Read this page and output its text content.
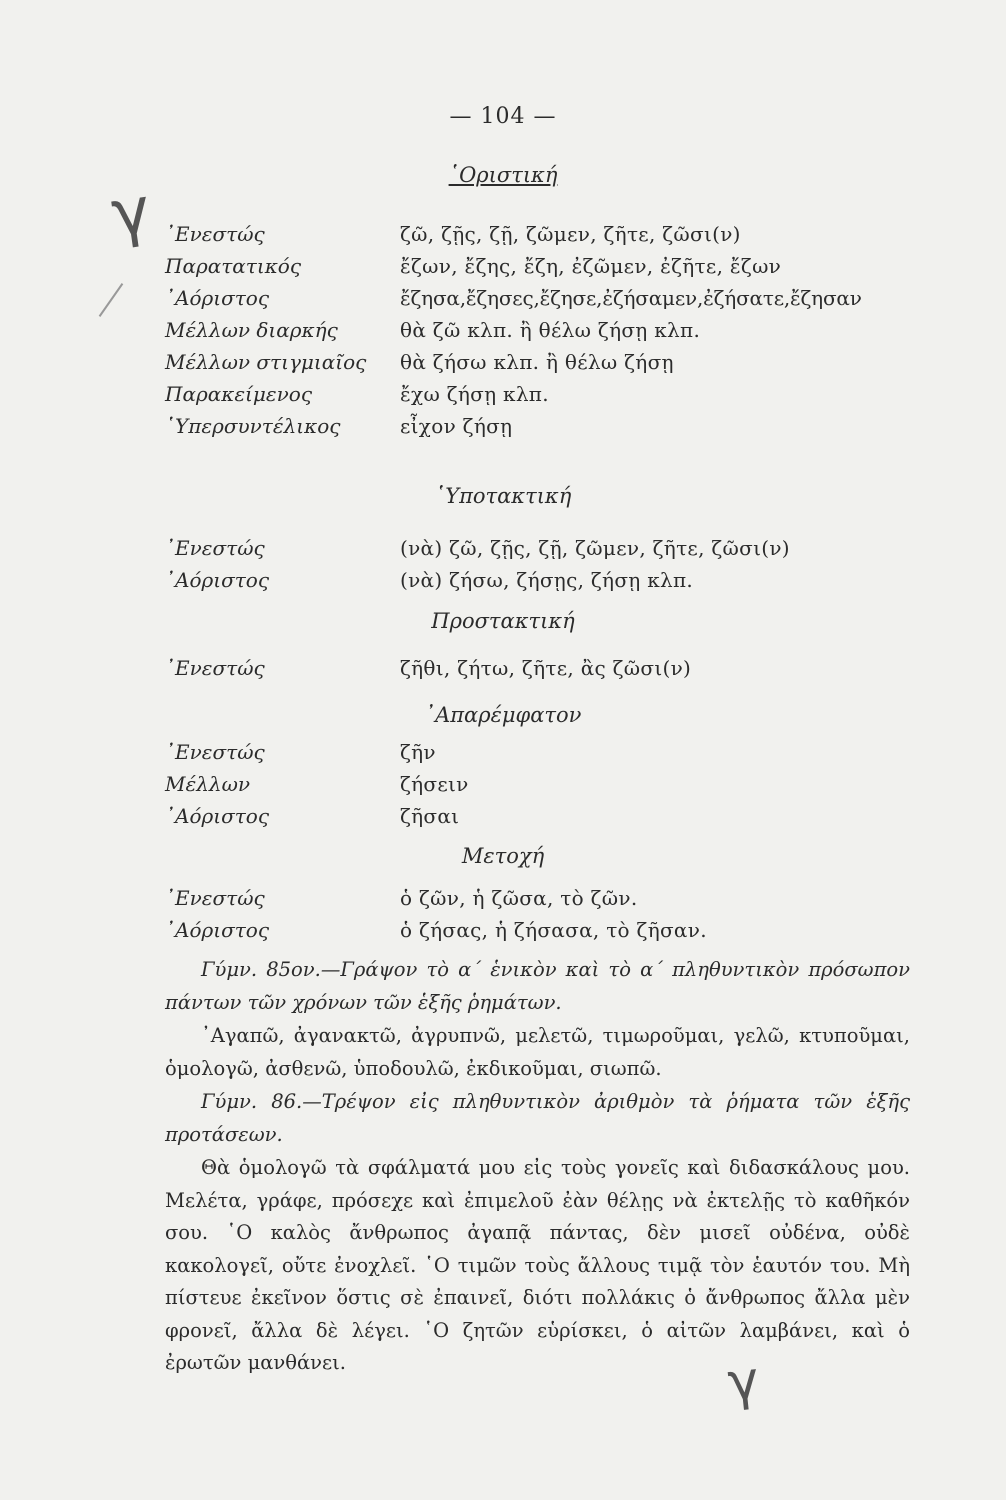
— 104 —
γ	῾Οριστική
᾿Ενεστώς	ζῶ, ζῇς, ζῇ, ζῶμεν, ζῆτε, ζῶσι(ν)
Παρατατικός	ἔζων, ἔζης, ἔζη, ἐζῶμεν, ἐζῆτε, ἔζων
᾿Αόριστος	ἔζησα,ἔζησες,ἔζησε,ἐζήσαμεν,ἐζήσατε,ἔζησαν
Μέλλων διαρκής	θὰ ζῶ κλπ. ἢ θέλω ζήσῃ κλπ.
Μέλλων στιγμιαῖος	θὰ ζήσω κλπ. ἢ θέλω ζήσῃ
Παρακείμενος	ἔχω ζήσῃ κλπ.
῾Υπερσυντέλικος	εἶχον ζήσῃ
῾Υποτακτική
᾿Ενεστώς	(νὰ) ζῶ, ζῇς, ζῇ, ζῶμεν, ζῆτε, ζῶσι(ν)
᾿Αόριστος	(νὰ) ζήσω, ζήσῃς, ζήσῃ κλπ.
Προστακτική
᾿Ενεστώς	ζῆθι, ζήτω, ζῆτε, ἂς ζῶσι(ν)
᾿Απαρέμφατον
᾿Ενεστώς	ζῆν
Μέλλων	ζήσειν
᾿Αόριστος	ζῆσαι
Μετοχή
᾿Ενεστώς	ὁ ζῶν, ἡ ζῶσα, τὸ ζῶν.
᾿Αόριστος	ὁ ζήσας, ἡ ζήσασα, τὸ ζῆσαν.
Γύμν. 85ον.—Γράψον τὸ α΄ ἑνικὸν καὶ τὸ α΄ πληθυντικὸν πρόσωπον πάντων τῶν χρόνων τῶν ἑξῆς ῥημάτων.
᾿Αγαπῶ, ἀγανακτῶ, ἀγρυπνῶ, μελετῶ, τιμωροῦμαι, γελῶ, κτυποῦμαι, ὁμολογῶ, ἀσθενῶ, ὑποδουλῶ, ἐκδικοῦμαι, σιωπῶ.
Γύμν. 86.—Τρέψον εἰς πληθυντικὸν ἀριθμὸν τὰ ῥήματα τῶν ἑξῆς προτάσεων.
Θὰ ὁμολογῶ τὰ σφάλματά μου εἰς τοὺς γονεῖς καὶ διδασκάλους μου. Μελέτα, γράφε, πρόσεχε καὶ ἐπιμελοῦ ἐὰν θέλῃς νὰ ἐκτελῇς τὸ καθῆκόν σου. ῾Ο καλὸς ἄνθρωπος ἀγαπᾷ πάντας, δὲν μισεῖ οὐδένα, οὐδὲ κακολογεῖ, οὔτε ἐνοχλεῖ. ῾Ο τιμῶν τοὺς ἄλλους τιμᾷ τὸν ἑαυτόν του. Μὴ πίστευε ἐκεῖνον ὅστις σὲ ἐπαινεῖ, διότι πολλάκις ὁ ἄνθρωπος ἄλλα μὲν φρονεῖ, ἄλλα δὲ λέγει. ῾Ο ζητῶν εὑρίσκει, ὁ αἰτῶν λαμβάνει, καὶ ὁ ἐρωτῶν μανθάνει.	γ
